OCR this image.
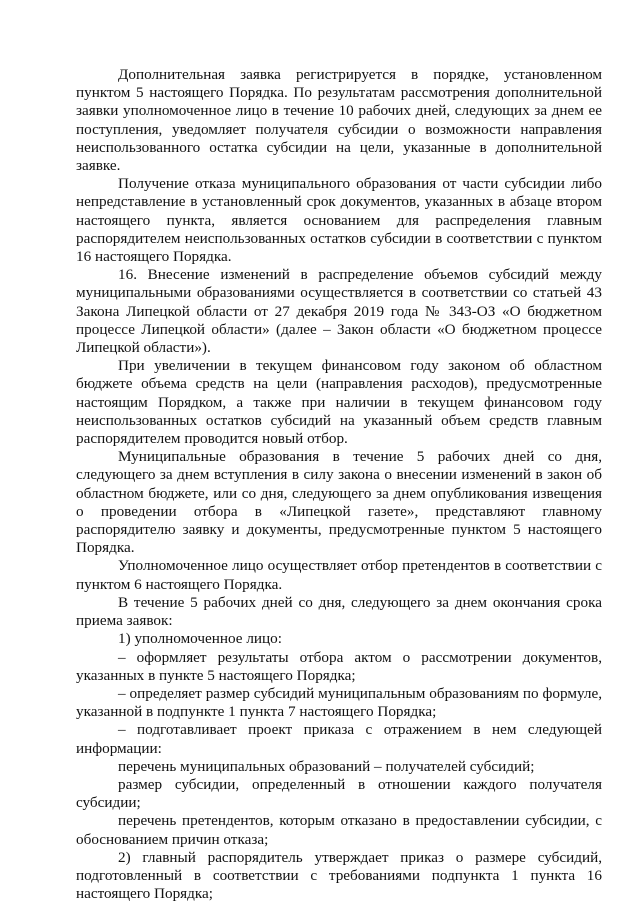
Дополнительная заявка регистрируется в порядке, установленном пунктом 5 настоящего Порядка. По результатам рассмотрения дополнительной заявки уполномоченное лицо в течение 10 рабочих дней, следующих за днем ее поступления, уведомляет получателя субсидии о возможности направления неиспользованного остатка субсидии на цели, указанные в дополнительной заявке.

Получение отказа муниципального образования от части субсидии либо непредставление в установленный срок документов, указанных в абзаце втором настоящего пункта, является основанием для распределения главным распорядителем неиспользованных остатков субсидии в соответствии с пунктом 16 настоящего Порядка.

16. Внесение изменений в распределение объемов субсидий между муниципальными образованиями осуществляется в соответствии со статьей 43 Закона Липецкой области от 27 декабря 2019 года № 343-ОЗ «О бюджетном процессе Липецкой области» (далее – Закон области «О бюджетном процессе Липецкой области»).

При увеличении в текущем финансовом году законом об областном бюджете объема средств на цели (направления расходов), предусмотренные настоящим Порядком, а также при наличии в текущем финансовом году неиспользованных остатков субсидий на указанный объем средств главным распорядителем проводится новый отбор.

Муниципальные образования в течение 5 рабочих дней со дня, следующего за днем вступления в силу закона о внесении изменений в закон об областном бюджете, или со дня, следующего за днем опубликования извещения о проведении отбора в «Липецкой газете», представляют главному распорядителю заявку и документы, предусмотренные пунктом 5 настоящего Порядка.

Уполномоченное лицо осуществляет отбор претендентов в соответствии с пунктом 6 настоящего Порядка.

В течение 5 рабочих дней со дня, следующего за днем окончания срока приема заявок:

1) уполномоченное лицо:

– оформляет результаты отбора актом о рассмотрении документов, указанных в пункте 5 настоящего Порядка;

– определяет размер субсидий муниципальным образованиям по формуле, указанной в подпункте 1 пункта 7 настоящего Порядка;

– подготавливает проект приказа с отражением в нем следующей информации:

перечень муниципальных образований – получателей субсидий;

размер субсидии, определенный в отношении каждого получателя субсидии;

перечень претендентов, которым отказано в предоставлении субсидии, с обоснованием причин отказа;

2) главный распорядитель утверждает приказ о размере субсидий, подготовленный в соответствии с требованиями подпункта 1 пункта 16 настоящего Порядка;
